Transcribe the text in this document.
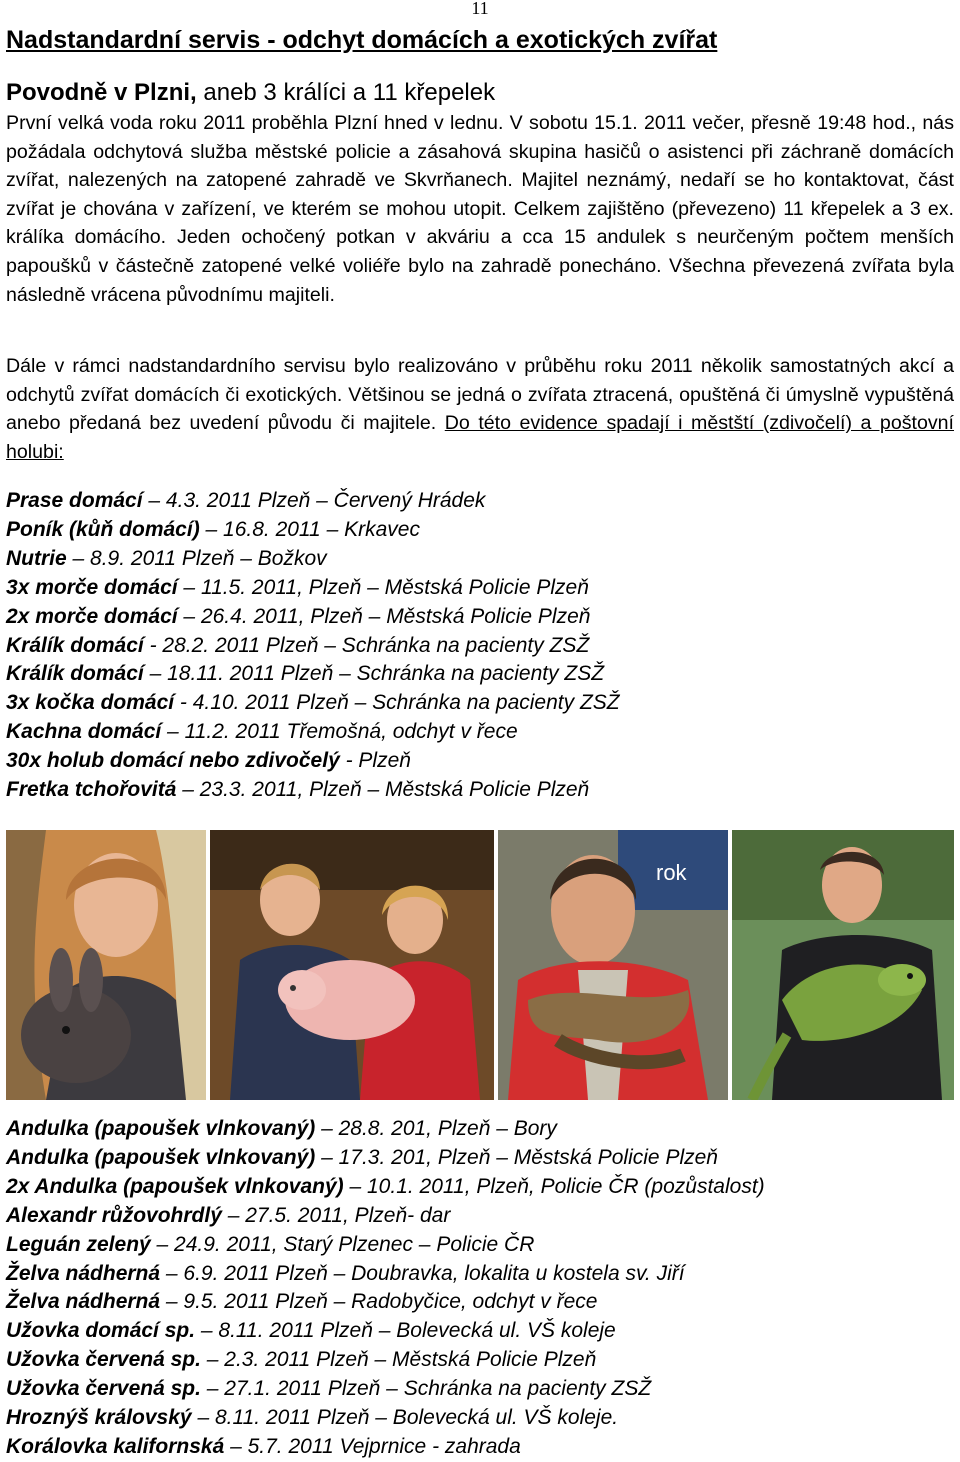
11
Nadstandardní servis - odchyt domácích a exotických zvířat
Povodně v Plzni, aneb 3 králíci a 11 křepelek
První velká voda roku 2011 proběhla Plzní hned v lednu. V sobotu 15.1. 2011 večer, přesně 19:48 hod., nás požádala odchytová služba městské policie a zásahová skupina hasičů o asistenci při záchraně domácích zvířat, nalezených na zatopené zahradě ve Skvrňanech. Majitel neznámý, nedaří se ho kontaktovat, část zvířat je chována v zařízení, ve kterém se mohou utopit. Celkem zajištěno (převezeno) 11 křepelek a 3 ex. králíka domácího. Jeden ochočený potkan v akváriu a cca 15 andulek s neurčeným počtem menších papoušků v částečně zatopené velké voliéře bylo na zahradě ponecháno. Všechna převezená zvířata byla následně vrácena původnímu majiteli.
Dále v rámci nadstandardního servisu bylo realizováno v průběhu roku 2011 několik samostatných akcí a odchytů zvířat domácích či exotických. Většinou se jedná o zvířata ztracená, opuštěná či úmyslně vypuštěná anebo předaná bez uvedení původu či majitele. Do této evidence spadají i městští (zdivočelí) a poštovní holubi:
Prase domácí – 4.3. 2011 Plzeň – Červený Hrádek
Poník (kůň domácí) – 16.8. 2011 – Krkavec
Nutrie – 8.9. 2011 Plzeň – Božkov
3x morče domácí – 11.5. 2011, Plzeň – Městská Policie Plzeň
2x morče domácí – 26.4. 2011, Plzeň – Městská Policie Plzeň
Králík domácí - 28.2. 2011 Plzeň – Schránka na pacienty ZSŽ
Králík domácí – 18.11. 2011 Plzeň – Schránka na pacienty ZSŽ
3x kočka domácí - 4.10. 2011 Plzeň – Schránka na pacienty ZSŽ
Kachna domácí – 11.2. 2011 Třemošná, odchyt v řece
30x holub domácí nebo zdivočelý - Plzeň
Fretka tchořovitá – 23.3. 2011, Plzeň – Městská Policie Plzeň
rok
Andulka (papoušek vlnkovaný) – 28.8. 201, Plzeň – Bory
Andulka (papoušek vlnkovaný) – 17.3. 201, Plzeň – Městská Policie Plzeň
2x Andulka (papoušek vlnkovaný) – 10.1. 2011, Plzeň, Policie ČR (pozůstalost)
Alexandr růžovohrdlý – 27.5. 2011, Plzeň- dar
Leguán zelený – 24.9. 2011, Starý Plzenec – Policie ČR
Želva nádherná – 6.9. 2011 Plzeň – Doubravka, lokalita u kostela sv. Jiří
Želva nádherná – 9.5. 2011 Plzeň – Radobyčice, odchyt v řece
Užovka domácí sp. – 8.11. 2011 Plzeň – Bolevecká ul. VŠ koleje
Užovka červená sp. – 2.3. 2011 Plzeň – Městská Policie Plzeň
Užovka červená sp. – 27.1. 2011 Plzeň – Schránka na pacienty ZSŽ
Hroznýš královský – 8.11. 2011 Plzeň – Bolevecká ul. VŠ koleje.
Korálovka kalifornská – 5.7. 2011 Vejprnice - zahrada
